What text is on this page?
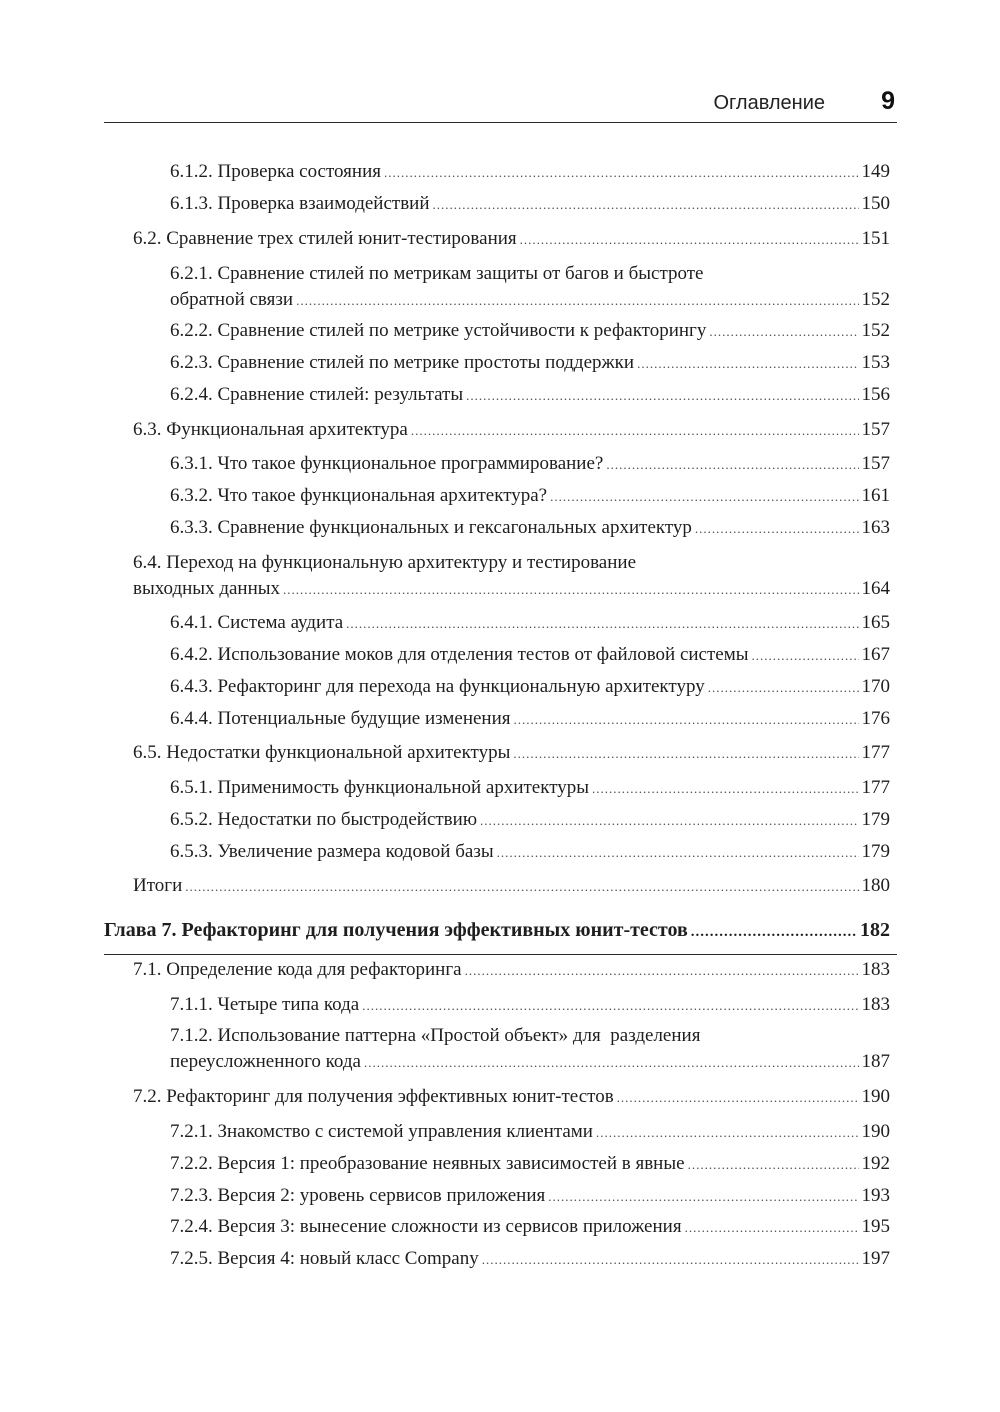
Оглавление 9
6.1.2. Проверка состояния .....	149
6.1.3. Проверка взаимодействий .....	150
6.2. Сравнение трех стилей юнит-тестирования .....	151
6.2.1. Сравнение стилей по метрикам защиты от багов и быстроте
обратной связи .....	152
6.2.2. Сравнение стилей по метрике устойчивости к рефакторингу .....	152
6.2.3. Сравнение стилей по метрике простоты поддержки .....	153
6.2.4. Сравнение стилей: результаты .....	156
6.3. Функциональная архитектура .....	157
6.3.1. Что такое функциональное программирование? .....	157
6.3.2. Что такое функциональная архитектура? .....	161
6.3.3. Сравнение функциональных и гексагональных архитектур .....	163
6.4. Переход на функциональную архитектуру и тестирование
выходных данных .....	164
6.4.1. Система аудита .....	165
6.4.2. Использование моков для отделения тестов от файловой системы .....	167
6.4.3. Рефакторинг для перехода на функциональную архитектуру .....	170
6.4.4. Потенциальные будущие изменения .....	176
6.5. Недостатки функциональной архитектуры .....	177
6.5.1. Применимость функциональной архитектуры .....	177
6.5.2. Недостатки по быстродействию .....	179
6.5.3. Увеличение размера кодовой базы .....	179
Итоги .....	180
Глава 7. Рефакторинг для получения эффективных юнит-тестов .....	182
7.1. Определение кода для рефакторинга .....	183
7.1.1. Четыре типа кода .....	183
7.1.2. Использование паттерна «Простой объект» для  разделения
переусложненного кода .....	187
7.2. Рефакторинг для получения эффективных юнит-тестов .....	190
7.2.1. Знакомство с системой управления клиентами .....	190
7.2.2. Версия 1: преобразование неявных зависимостей в явные .....	192
7.2.3. Версия 2: уровень сервисов приложения .....	193
7.2.4. Версия 3: вынесение сложности из сервисов приложения .....	195
7.2.5. Версия 4: новый класс Company .....	197
